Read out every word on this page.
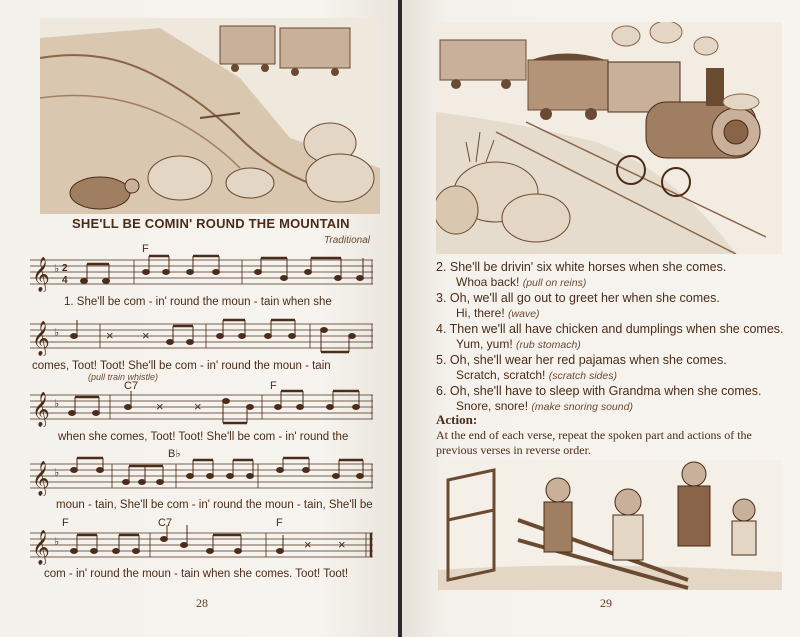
SHE'LL BE COMIN' ROUND THE MOUNTAIN
Traditional
𝄞 ♭ 2
4
F
1. She'll be com - in' round the moun - tain when she
𝄞 ♭	× ×
comes, Toot! Toot! She'll be com - in' round the moun - tain
(pull train whistle)
𝄞 ♭	× ×
C7	F
when she comes, Toot! Toot! She'll be com - in' round the
𝄞 ♭
B♭
moun - tain, She'll be com - in' round the moun - tain, She'll be
𝄞 ♭	× ×
F	C7	F
com - in' round the moun - tain when she comes. Toot! Toot!
28
2. She'll be drivin' six white horses when she comes.
Whoa back! (pull on reins)
3. Oh, we'll all go out to greet her when she comes.
Hi, there! (wave)
4. Then we'll all have chicken and dumplings when she comes.
Yum, yum! (rub stomach)
5. Oh, she'll wear her red pajamas when she comes.
Scratch, scratch! (scratch sides)
6. Oh, she'll have to sleep with Grandma when she comes.
Snore, snore! (make snoring sound)
Action:
At the end of each verse, repeat the spoken part and actions of the previous verses in reverse order.
29
